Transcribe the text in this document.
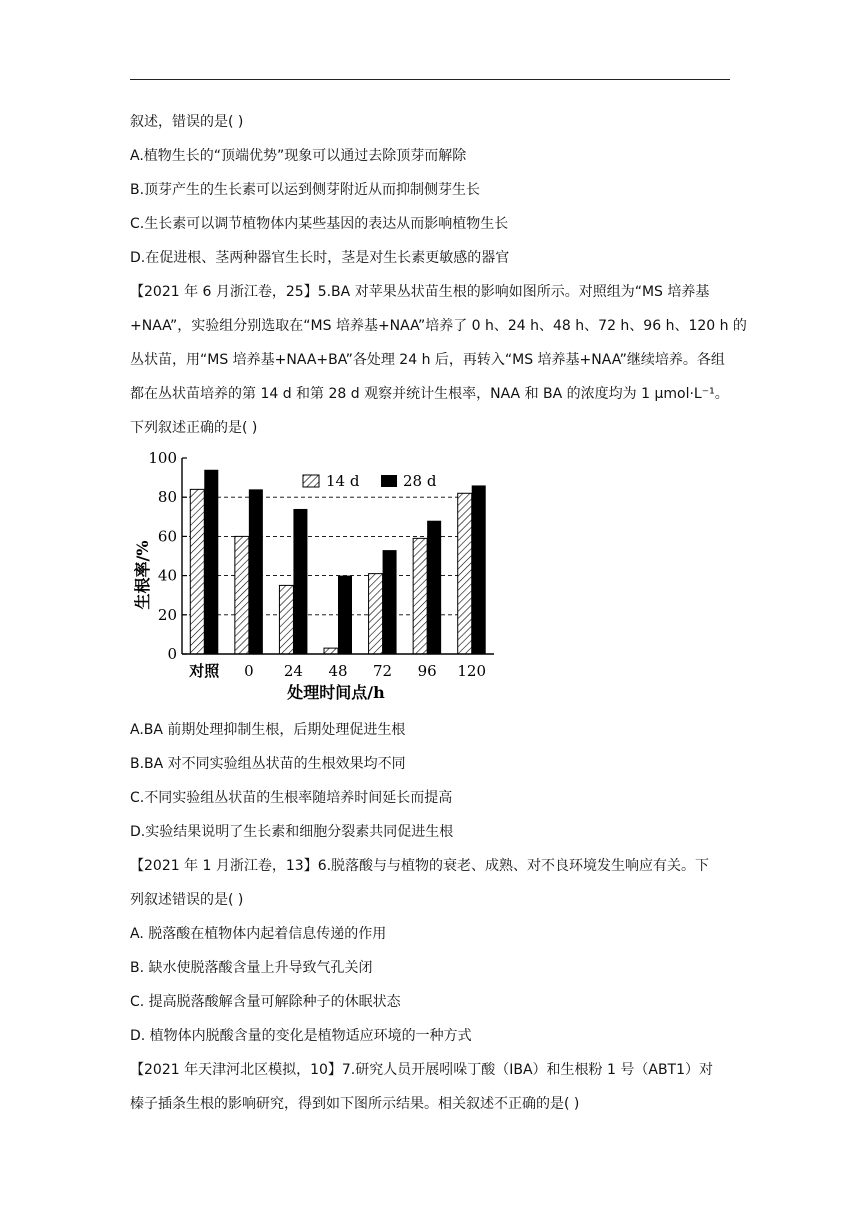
叙述，错误的是( )
A.植物生长的“顶端优势”现象可以通过去除顶芽而解除
B.顶芽产生的生长素可以运到侧芽附近从而抑制侧芽生长
C.生长素可以调节植物体内某些基因的表达从而影响植物生长
D.在促进根、茎两种器官生长时，茎是对生长素更敏感的器官
【2021 年 6 月浙江卷，25】5.BA 对苹果丛状苗生根的影响如图所示。对照组为“MS 培养基
+NAA”，实验组分别选取在“MS 培养基+NAA”培养了 0 h、24 h、48 h、72 h、96 h、120 h 的
丛状苗，用“MS 培养基+NAA+BA”各处理 24 h 后，再转入“MS 培养基+NAA”继续培养。各组
都在丛状苗培养的第 14 d 和第 28 d 观察并统计生根率，NAA 和 BA 的浓度均为 1 μmol·L⁻¹。
下列叙述正确的是( )
对照 0 24 48 72 96 120
0
20
40
60
80
100
14 d	28 d
生根率/%
处理时间点/h
A.BA 前期处理抑制生根，后期处理促进生根
B.BA 对不同实验组丛状苗的生根效果均不同
C.不同实验组丛状苗的生根率随培养时间延长而提高
D.实验结果说明了生长素和细胞分裂素共同促进生根
【2021 年 1 月浙江卷，13】6.脱落酸与与植物的衰老、成熟、对不良环境发生响应有关。下
列叙述错误的是( )
A. 脱落酸在植物体内起着信息传递的作用
B. 缺水使脱落酸含量上升导致气孔关闭
C. 提高脱落酸解含量可解除种子的休眠状态
D. 植物体内脱酸含量的变化是植物适应环境的一种方式
【2021 年天津河北区模拟，10】7.研究人员开展吲哚丁酸（IBA）和生根粉 1 号（ABT1）对
榛子插条生根的影响研究，得到如下图所示结果。相关叙述不正确的是( )
